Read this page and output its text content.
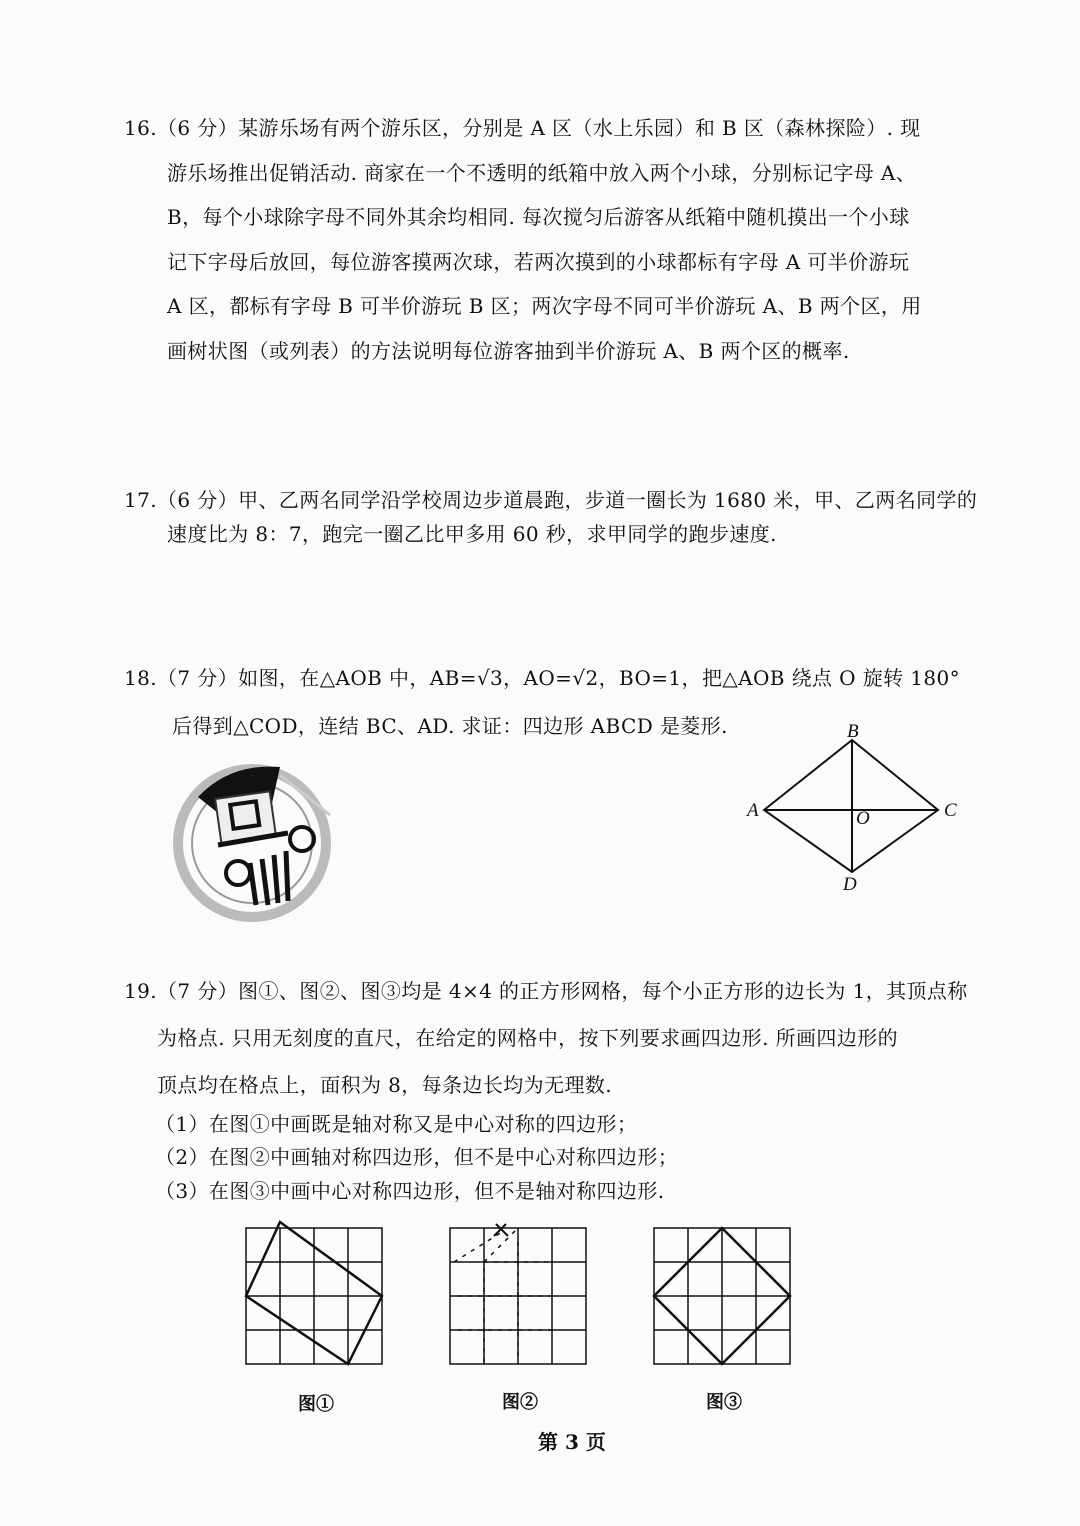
16.（6 分）某游乐场有两个游乐区，分别是 A 区（水上乐园）和 B 区（森林探险）. 现
游乐场推出促销活动. 商家在一个不透明的纸箱中放入两个小球，分别标记字母 A、
B，每个小球除字母不同外其余均相同. 每次搅匀后游客从纸箱中随机摸出一个小球
记下字母后放回，每位游客摸两次球，若两次摸到的小球都标有字母 A 可半价游玩
A 区，都标有字母 B 可半价游玩 B 区；两次字母不同可半价游玩 A、B 两个区，用
画树状图（或列表）的方法说明每位游客抽到半价游玩 A、B 两个区的概率.
17.（6 分）甲、乙两名同学沿学校周边步道晨跑，步道一圈长为 1680 米，甲、乙两名同学的
速度比为 8：7，跑完一圈乙比甲多用 60 秒，求甲同学的跑步速度.
18.（7 分）如图，在△AOB 中，AB=√3，AO=√2，BO=1，把△AOB 绕点 O 旋转 180°
后得到△COD，连结 BC、AD. 求证：四边形 ABCD 是菱形.	B
A	C
O
D
19.（7 分）图①、图②、图③均是 4×4 的正方形网格，每个小正方形的边长为 1，其顶点称
为格点. 只用无刻度的直尺，在给定的网格中，按下列要求画四边形. 所画四边形的
顶点均在格点上，面积为 8，每条边长均为无理数.
（1）在图①中画既是轴对称又是中心对称的四边形；
（2）在图②中画轴对称四边形，但不是中心对称四边形；
（3）在图③中画中心对称四边形，但不是轴对称四边形.
图①	图②	图③
第 3 页
